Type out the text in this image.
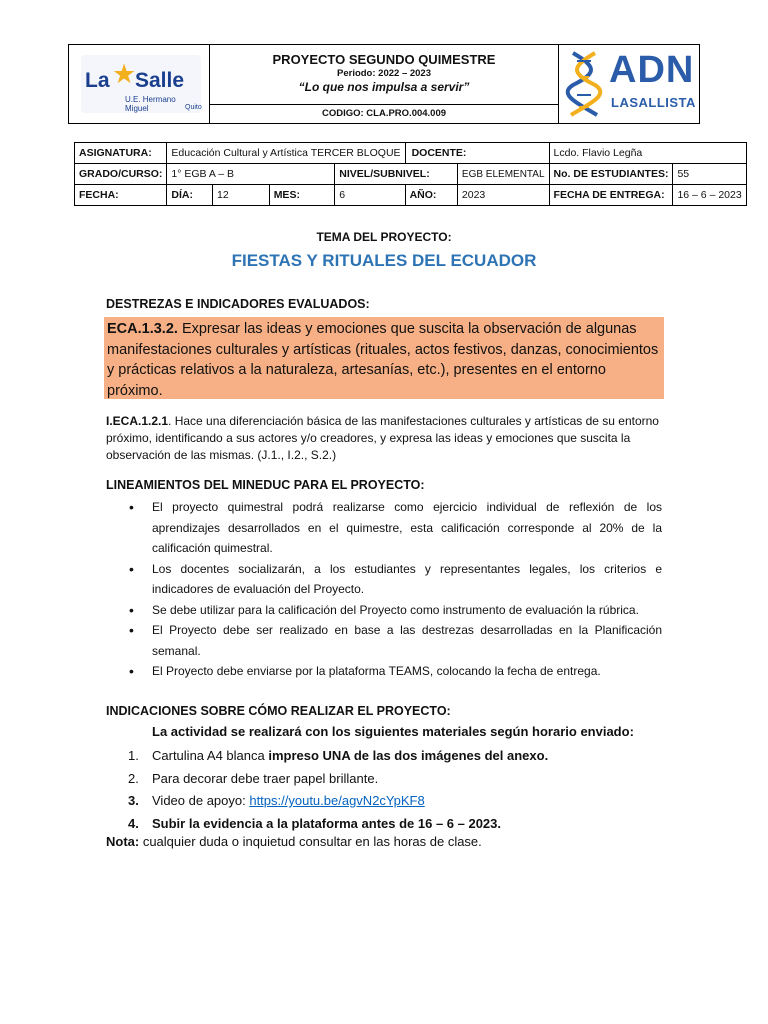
La ★
Salle
U.E. Hermano Miguel	Quito
PROYECTO SEGUNDO QUIMESTRE
Periodo: 2022 – 2023
“Lo que nos impulsa a servir”
CODIGO: CLA.PRO.004.009
ADN
LASALLISTA
ASIGNATURA:	Educación Cultural y Artística TERCER BLOQUE				DOCENTE:		Lcdo. Flavio Legña	
GRADO/CURSO:	1° EGB A – B			NIVEL/SUBNIVEL:		EGB ELEMENTAL	No. DE ESTUDIANTES:	55
FECHA:	DÍA:	12	MES:	6	AÑO:	2023	FECHA DE ENTREGA:	16 – 6 – 2023
TEMA DEL PROYECTO:
FIESTAS Y RITUALES DEL ECUADOR
DESTREZAS E INDICADORES EVALUADOS:
ECA.1.3.2. Expresar las ideas y emociones que suscita la observación de algunas manifestaciones culturales y artísticas (rituales, actos festivos, danzas, conocimientos y prácticas relativos a la naturaleza, artesanías, etc.), presentes en el entorno próximo.
I.ECA.1.2.1. Hace una diferenciación básica de las manifestaciones culturales y artísticas de su entorno próximo, identificando a sus actores y/o creadores, y expresa las ideas y emociones que suscita la observación de las mismas. (J.1., I.2., S.2.)
LINEAMIENTOS DEL MINEDUC PARA EL PROYECTO:
• El proyecto quimestral podrá realizarse como ejercicio individual de reflexión de los aprendizajes desarrollados en el quimestre, esta calificación corresponde al 20% de la calificación quimestral.
• Los docentes socializarán, a los estudiantes y representantes legales, los criterios e indicadores de evaluación del Proyecto.
• Se debe utilizar para la calificación del Proyecto como instrumento de evaluación la rúbrica.
• El Proyecto debe ser realizado en base a las destrezas desarrolladas en la Planificación semanal.
• El Proyecto debe enviarse por la plataforma TEAMS, colocando la fecha de entrega.
INDICACIONES SOBRE CÓMO REALIZAR EL PROYECTO:
La actividad se realizará con los siguientes materiales según horario enviado:
1. Cartulina A4 blanca impreso UNA de las dos imágenes del anexo.
2. Para decorar debe traer papel brillante.
3. Video de apoyo: https://youtu.be/agvN2cYpKF8
4. Subir la evidencia a la plataforma antes de 16 – 6 – 2023.
Nota: cualquier duda o inquietud consultar en las horas de clase.
